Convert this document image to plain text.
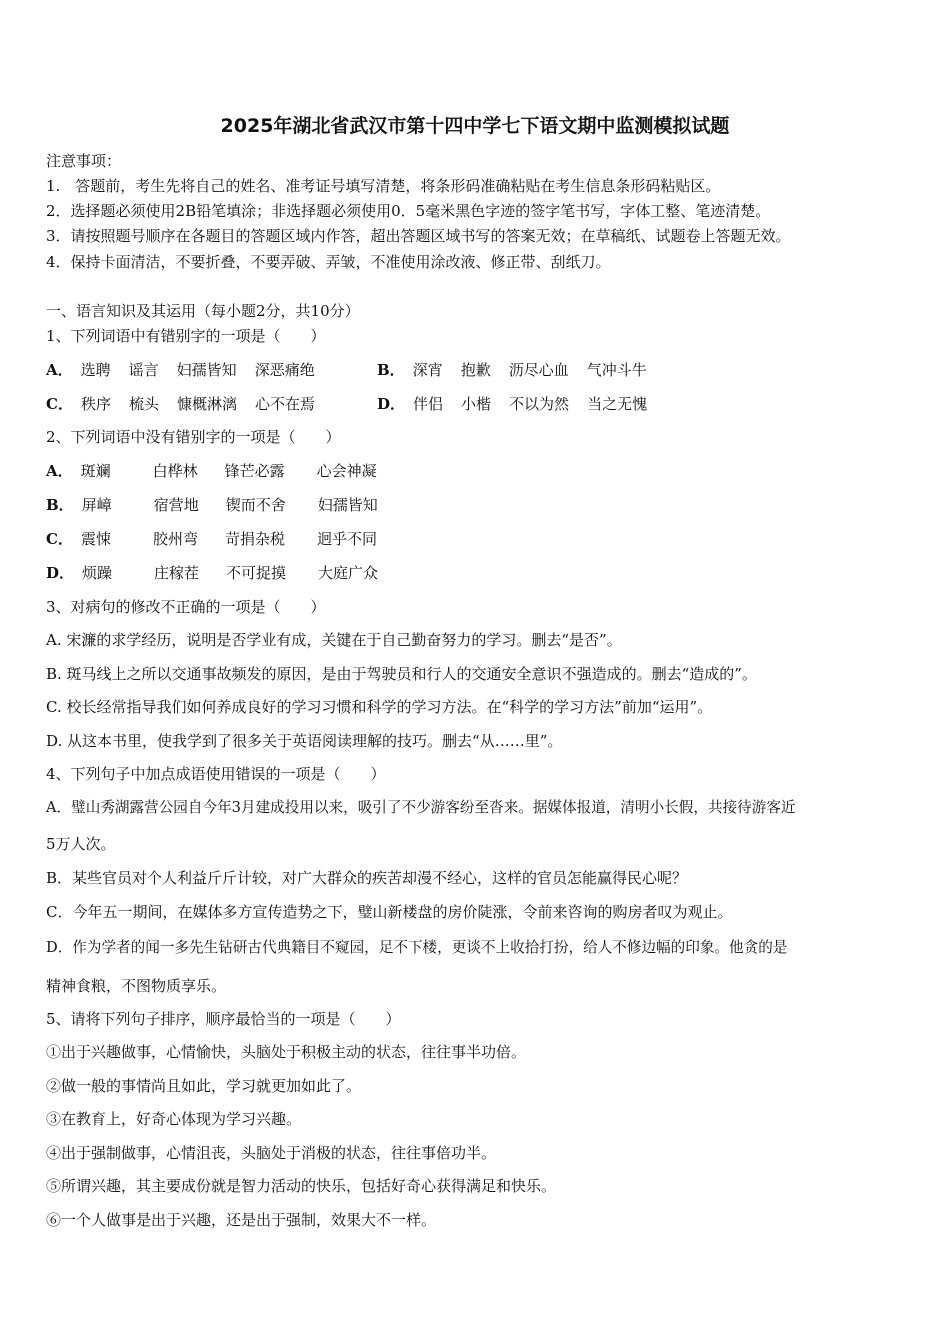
2025年湖北省武汉市第十四中学七下语文期中监测模拟试题
注意事项：
1.　答题前，考生先将自己的姓名、准考证号填写清楚，将条形码准确粘贴在考生信息条形码粘贴区。
2．选择题必须使用2B铅笔填涂；非选择题必须使用0．5毫米黑色字迹的签字笔书写，字体工整、笔迹清楚。
3．请按照题号顺序在各题目的答题区域内作答，超出答题区域书写的答案无效；在草稿纸、试题卷上答题无效。
4．保持卡面清洁，不要折叠，不要弄破、弄皱，不准使用涂改液、修正带、刮纸刀。
一、语言知识及其运用（每小题2分，共10分）
1、下列词语中有错别字的一项是（　　）
A． 选聘 谣言 妇孺皆知 深恶痛绝	B． 深宵 抱歉 沥尽心血 气冲斗牛
C． 秩序 梳头 慷概淋漓 心不在焉	D． 伴侣 小楷 不以为然 当之无愧
2、下列词语中没有错别字的一项是（　　）
A． 斑斓	白桦林 锋芒必露 心会神凝
B． 屏嶂	宿营地 锲而不舍 妇孺皆知
C． 震悚	胶州弯 苛捐杂税 迥乎不同
D． 烦躁	庄稼茬 不可捉摸 大庭广众
3、对病句的修改不正确的一项是（　　）
A. 宋濂的求学经历，说明是否学业有成，关键在于自己勤奋努力的学习。删去“是否”。
B. 斑马线上之所以交通事故频发的原因，是由于驾驶员和行人的交通安全意识不强造成的。删去“造成的”。
C. 校长经常指导我们如何养成良好的学习习惯和科学的学习方法。在“科学的学习方法”前加“运用”。
D. 从这本书里，使我学到了很多关于英语阅读理解的技巧。删去“从……里”。
4、下列句子中加点成语使用错误的一项是（　　）
A．璧山秀湖露营公园自今年3月建成投用以来，吸引了不少游客纷至沓来。据媒体报道，清明小长假，共接待游客近
5万人次。
B．某些官员对个人利益斤斤计较，对广大群众的疾苦却漫不经心，这样的官员怎能赢得民心呢？
C．今年五一期间，在媒体多方宣传造势之下，璧山新楼盘的房价陡涨，令前来咨询的购房者叹为观止。
D．作为学者的闻一多先生钻研古代典籍目不窥园，足不下楼，更谈不上收拾打扮，给人不修边幅的印象。他贪的是
精神食粮，不图物质享乐。
5、请将下列句子排序，顺序最恰当的一项是（　　）
①出于兴趣做事，心情愉快，头脑处于积极主动的状态，往往事半功倍。
②做一般的事情尚且如此，学习就更加如此了。
③在教育上，好奇心体现为学习兴趣。
④出于强制做事，心情沮丧，头脑处于消极的状态，往往事倍功半。
⑤所谓兴趣，其主要成份就是智力活动的快乐，包括好奇心获得满足和快乐。
⑥一个人做事是出于兴趣，还是出于强制，效果大不一样。
